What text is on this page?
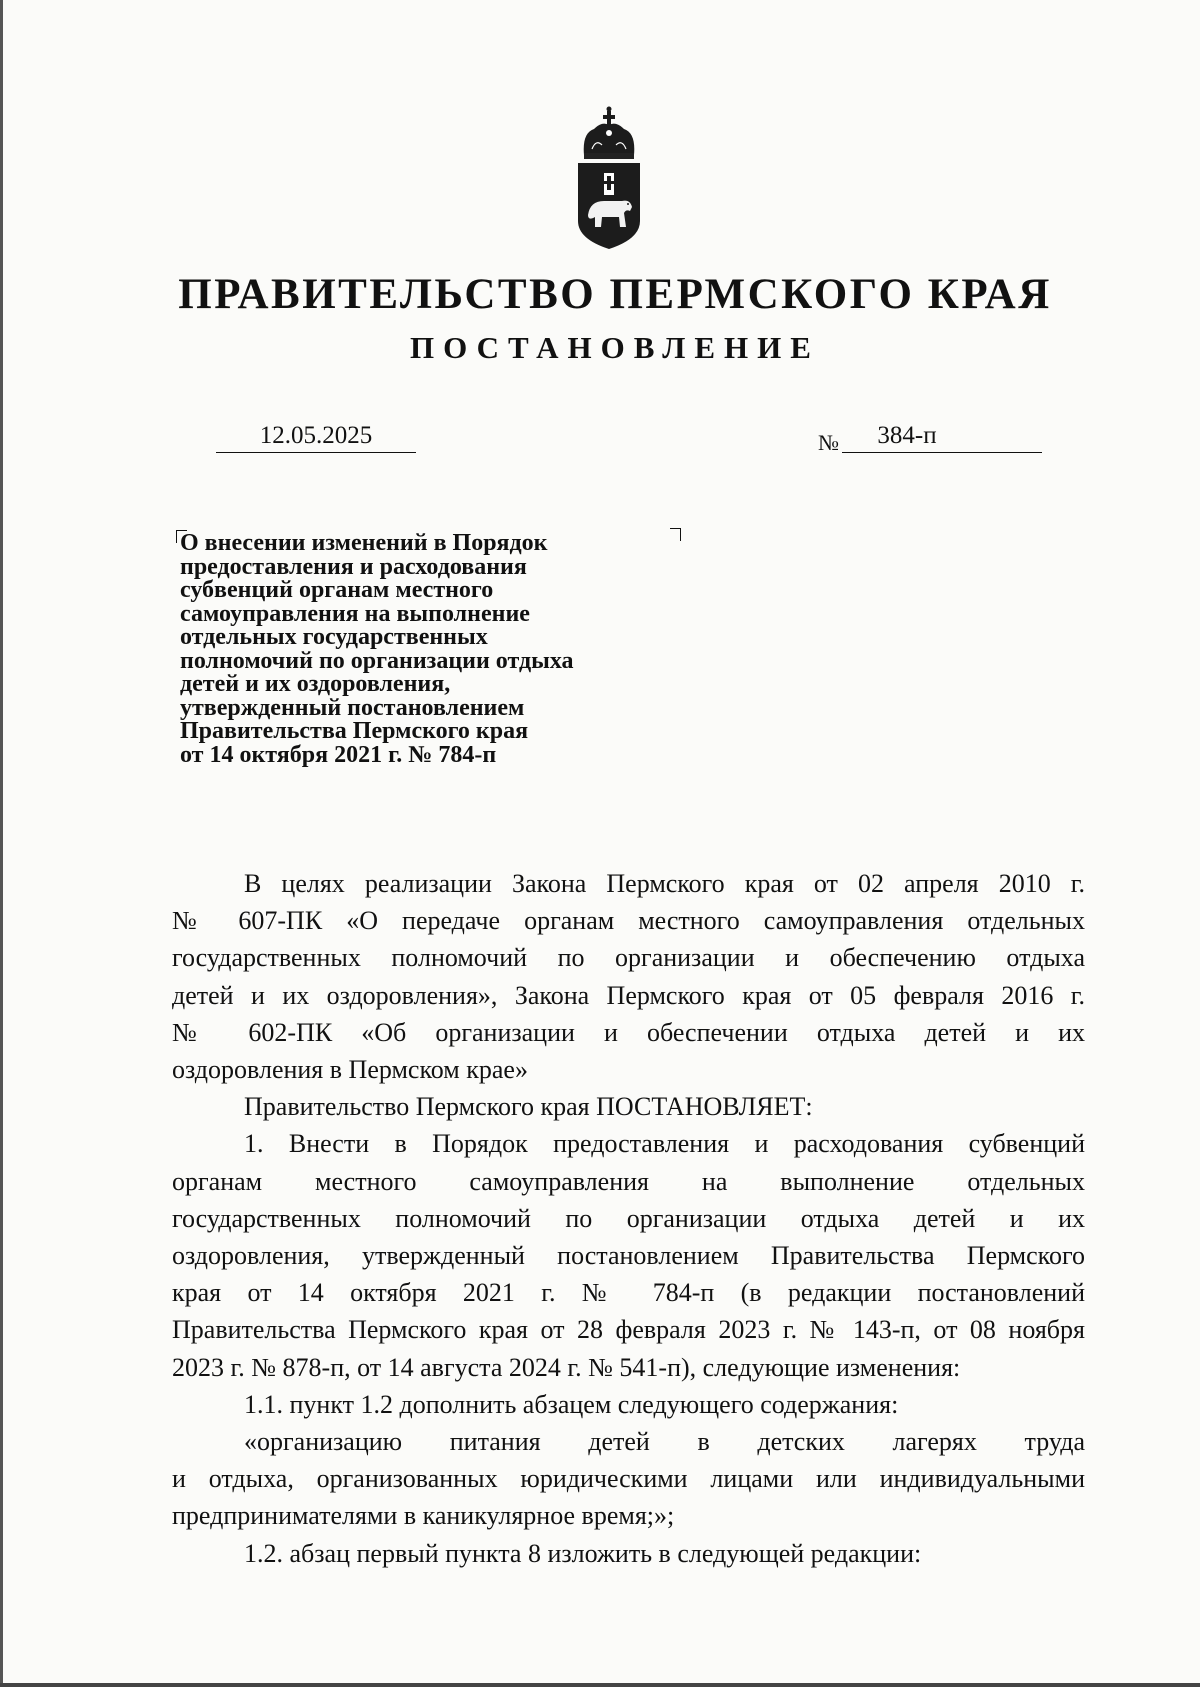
ПРАВИТЕЛЬСТВО ПЕРМСКОГО КРАЯ
ПОСТАНОВЛЕНИЕ
12.05.2025	№	384-п
О внесении изменений в Порядок
предоставления и расходования
субвенций органам местного
самоуправления на выполнение
отдельных государственных
полномочий по организации отдыха
детей и их оздоровления,
утвержденный постановлением
Правительства Пермского края
от 14 октября 2021 г. № 784-п
В целях реализации Закона Пермского края от 02 апреля 2010 г.
№ 607-ПК «О передаче органам местного самоуправления отдельных
государственных полномочий по организации и обеспечению отдыха
детей и их оздоровления», Закона Пермского края от 05 февраля 2016 г.
№ 602-ПК «Об организации и обеспечении отдыха детей и их
оздоровления в Пермском крае»
Правительство Пермского края ПОСТАНОВЛЯЕТ:
1. Внести в Порядок предоставления и расходования субвенций
органам местного самоуправления на выполнение отдельных
государственных полномочий по организации отдыха детей и их
оздоровления, утвержденный постановлением Правительства Пермского
края от 14 октября 2021 г. № 784-п (в редакции постановлений
Правительства Пермского края от 28 февраля 2023 г. № 143-п, от 08 ноября
2023 г. № 878-п, от 14 августа 2024 г. № 541-п), следующие изменения:
1.1. пункт 1.2 дополнить абзацем следующего содержания:
«организацию питания детей в детских лагерях труда
и отдыха, организованных юридическими лицами или индивидуальными
предпринимателями в каникулярное время;»;
1.2. абзац первый пункта 8 изложить в следующей редакции:
